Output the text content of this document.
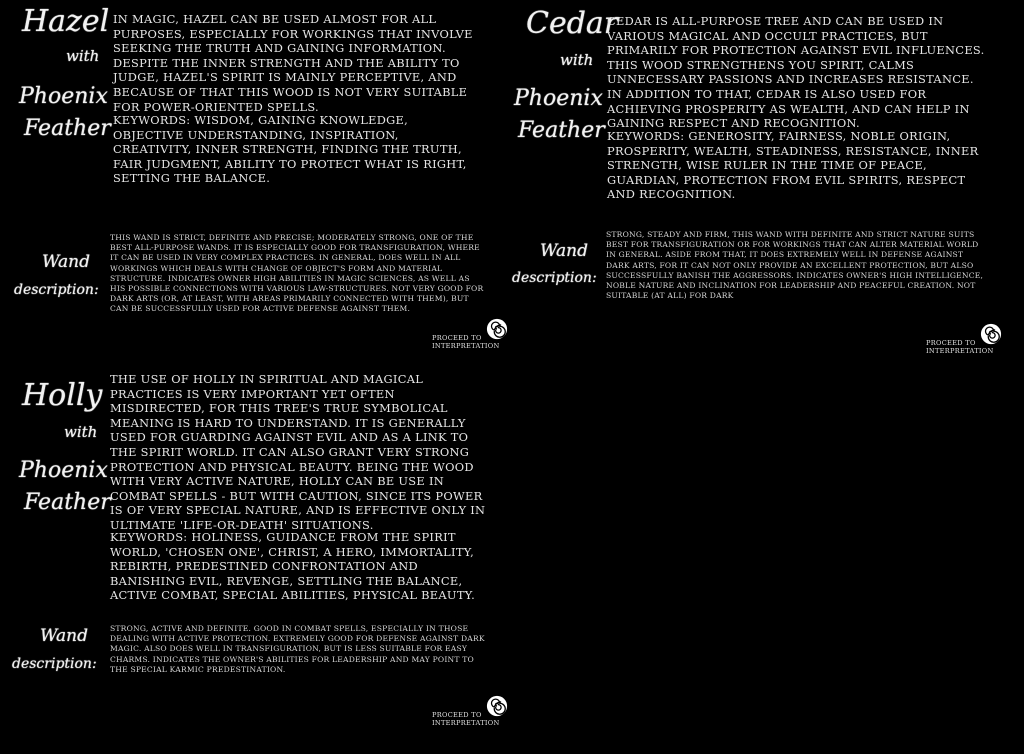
Hazel
with
Phoenix
Feather

IN MAGIC, HAZEL CAN BE USED ALMOST FOR ALL PURPOSES, ESPECIALLY FOR WORKINGS THAT INVOLVE SEEKING THE TRUTH AND GAINING INFORMATION. DESPITE THE INNER STRENGTH AND THE ABILITY TO JUDGE, HAZEL'S SPIRIT IS MAINLY PERCEPTIVE, AND BECAUSE OF THAT THIS WOOD IS NOT VERY SUITABLE FOR POWER-ORIENTED SPELLS.

KEYWORDS: WISDOM, GAINING KNOWLEDGE, OBJECTIVE UNDERSTANDING, INSPIRATION, CREATIVITY, INNER STRENGTH, FINDING THE TRUTH, FAIR JUDGMENT, ABILITY TO PROTECT WHAT IS RIGHT, SETTING THE BALANCE.

Wand
description:

THIS WAND IS STRICT, DEFINITE AND PRECISE; MODERATELY STRONG, ONE OF THE BEST ALL-PURPOSE WANDS. IT IS ESPECIALLY GOOD FOR TRANSFIGURATION, WHERE IT CAN BE USED IN VERY COMPLEX PRACTICES. IN GENERAL, DOES WELL IN ALL WORKINGS WHICH DEALS WITH CHANGE OF OBJECT'S FORM AND MATERIAL STRUCTURE. INDICATES OWNER HIGH ABILITIES IN MAGIC SCIENCES, AS WELL AS HIS POSSIBLE CONNECTIONS WITH VARIOUS LAW-STRUCTURES. NOT VERY GOOD FOR DARK ARTS (OR, AT LEAST, WITH AREAS PRIMARILY CONNECTED WITH THEM), BUT CAN BE SUCCESSFULLY USED FOR ACTIVE DEFENSE AGAINST THEM.

PROCEED TO
INTERPRETATION
Cedar
with
Phoenix
Feather

CEDAR IS ALL-PURPOSE TREE AND CAN BE USED IN VARIOUS MAGICAL AND OCCULT PRACTICES, BUT PRIMARILY FOR PROTECTION AGAINST EVIL INFLUENCES. THIS WOOD STRENGTHENS YOU SPIRIT, CALMS UNNECESSARY PASSIONS AND INCREASES RESISTANCE. IN ADDITION TO THAT, CEDAR IS ALSO USED FOR ACHIEVING PROSPERITY AS WEALTH, AND CAN HELP IN GAINING RESPECT AND RECOGNITION.

KEYWORDS: GENEROSITY, FAIRNESS, NOBLE ORIGIN, PROSPERITY, WEALTH, STEADINESS, RESISTANCE, INNER STRENGTH, WISE RULER IN THE TIME OF PEACE, GUARDIAN, PROTECTION FROM EVIL SPIRITS, RESPECT AND RECOGNITION.

Wand
description:

STRONG, STEADY AND FIRM, THIS WAND WITH DEFINITE AND STRICT NATURE SUITS BEST FOR TRANSFIGURATION OR FOR WORKINGS THAT CAN ALTER MATERIAL WORLD IN GENERAL. ASIDE FROM THAT, IT DOES EXTREMELY WELL IN DEFENSE AGAINST DARK ARTS, FOR IT CAN NOT ONLY PROVIDE AN EXCELLENT PROTECTION, BUT ALSO SUCCESSFULLY BANISH THE AGGRESSORS. INDICATES OWNER'S HIGH INTELLIGENCE, NOBLE NATURE AND INCLINATION FOR LEADERSHIP AND PEACEFUL CREATION. NOT SUITABLE (AT ALL) FOR DARK

PROCEED TO
INTERPRETATION
Holly
with
Phoenix
Feather

THE USE OF HOLLY IN SPIRITUAL AND MAGICAL PRACTICES IS VERY IMPORTANT YET OFTEN MISDIRECTED, FOR THIS TREE'S TRUE SYMBOLICAL MEANING IS HARD TO UNDERSTAND. IT IS GENERALLY USED FOR GUARDING AGAINST EVIL AND AS A LINK TO THE SPIRIT WORLD. IT CAN ALSO GRANT VERY STRONG PROTECTION AND PHYSICAL BEAUTY. BEING THE WOOD WITH VERY ACTIVE NATURE, HOLLY CAN BE USE IN COMBAT SPELLS - BUT WITH CAUTION, SINCE ITS POWER IS OF VERY SPECIAL NATURE, AND IS EFFECTIVE ONLY IN ULTIMATE 'LIFE-OR-DEATH' SITUATIONS.

KEYWORDS: HOLINESS, GUIDANCE FROM THE SPIRIT WORLD, 'CHOSEN ONE', CHRIST, A HERO, IMMORTALITY, REBIRTH, PREDESTINED CONFRONTATION AND BANISHING EVIL, REVENGE, SETTLING THE BALANCE, ACTIVE COMBAT, SPECIAL ABILITIES, PHYSICAL BEAUTY.

Wand
description:

STRONG, ACTIVE AND DEFINITE. GOOD IN COMBAT SPELLS, ESPECIALLY IN THOSE DEALING WITH ACTIVE PROTECTION. EXTREMELY GOOD FOR DEFENSE AGAINST DARK MAGIC. ALSO DOES WELL IN TRANSFIGURATION, BUT IS LESS SUITABLE FOR EASY CHARMS. INDICATES THE OWNER'S ABILITIES FOR LEADERSHIP AND MAY POINT TO THE SPECIAL KARMIC PREDESTINATION.

PROCEED TO
INTERPRETATION
